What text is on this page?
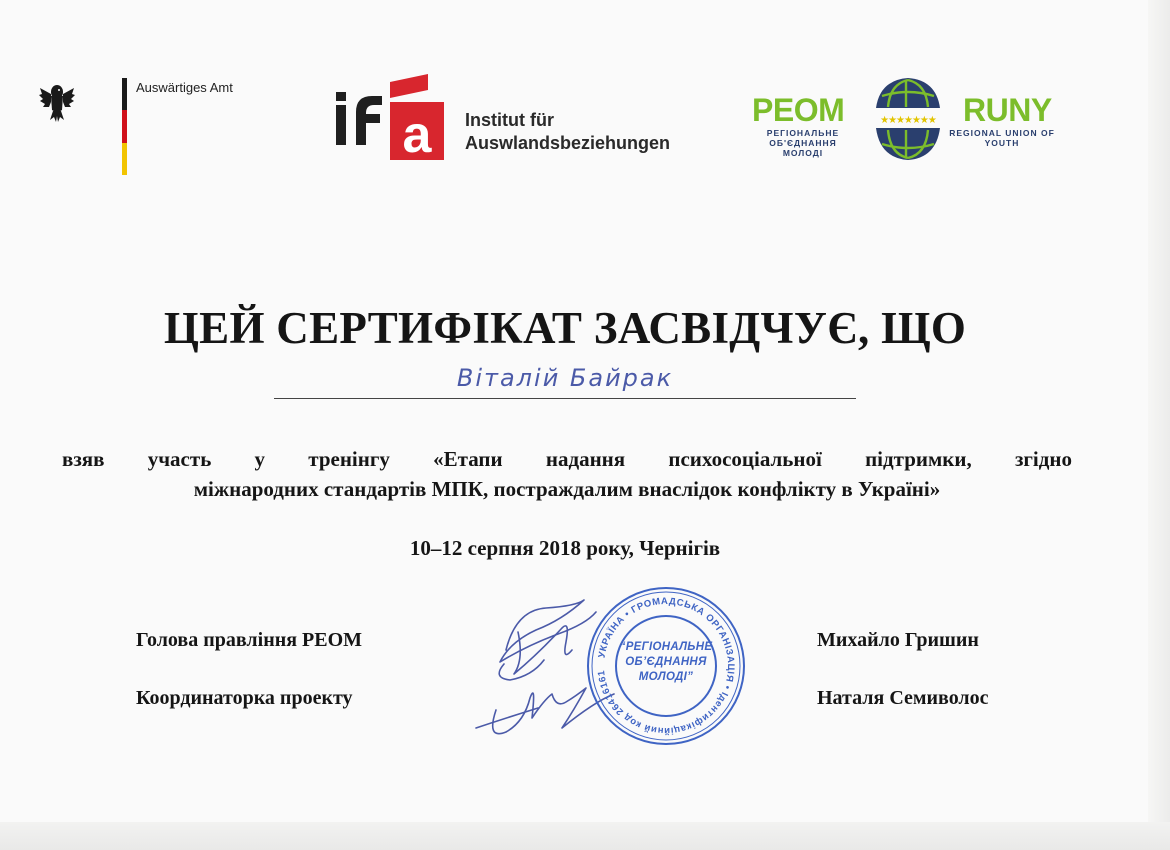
Auswärtiges Amt
a Institut für
Auswlandsbeziehungen
РЕОМ
РЕГІОНАЛЬНЕ ОБ'ЄДНАННЯ МОЛОДІ
★★★★★★★ RUNY
REGIONAL UNION OF YOUTH
ЦЕЙ СЕРТИФІКАТ ЗАСВІДЧУЄ, ЩО
Віталій Байрак

взяв участь у тренінгу «Етапи надання психосоціальної підтримки, згідно

міжнародних стандартів МПК, постраждалим внаслідок конфлікту в Україні»

10–12 серпня 2018 року, Чернігів
Голова правління РЕОМ	Михайло Гришин
Координаторка проекту	Наталя Семиволос
УКРАЇНА • ГРОМАДСЬКА ОРГАНІЗАЦІЯ • Ідентифікаційний код 26416161
“РЕГІОНАЛЬНЕ ОБ’ЄДНАННЯ МОЛОДІ”
